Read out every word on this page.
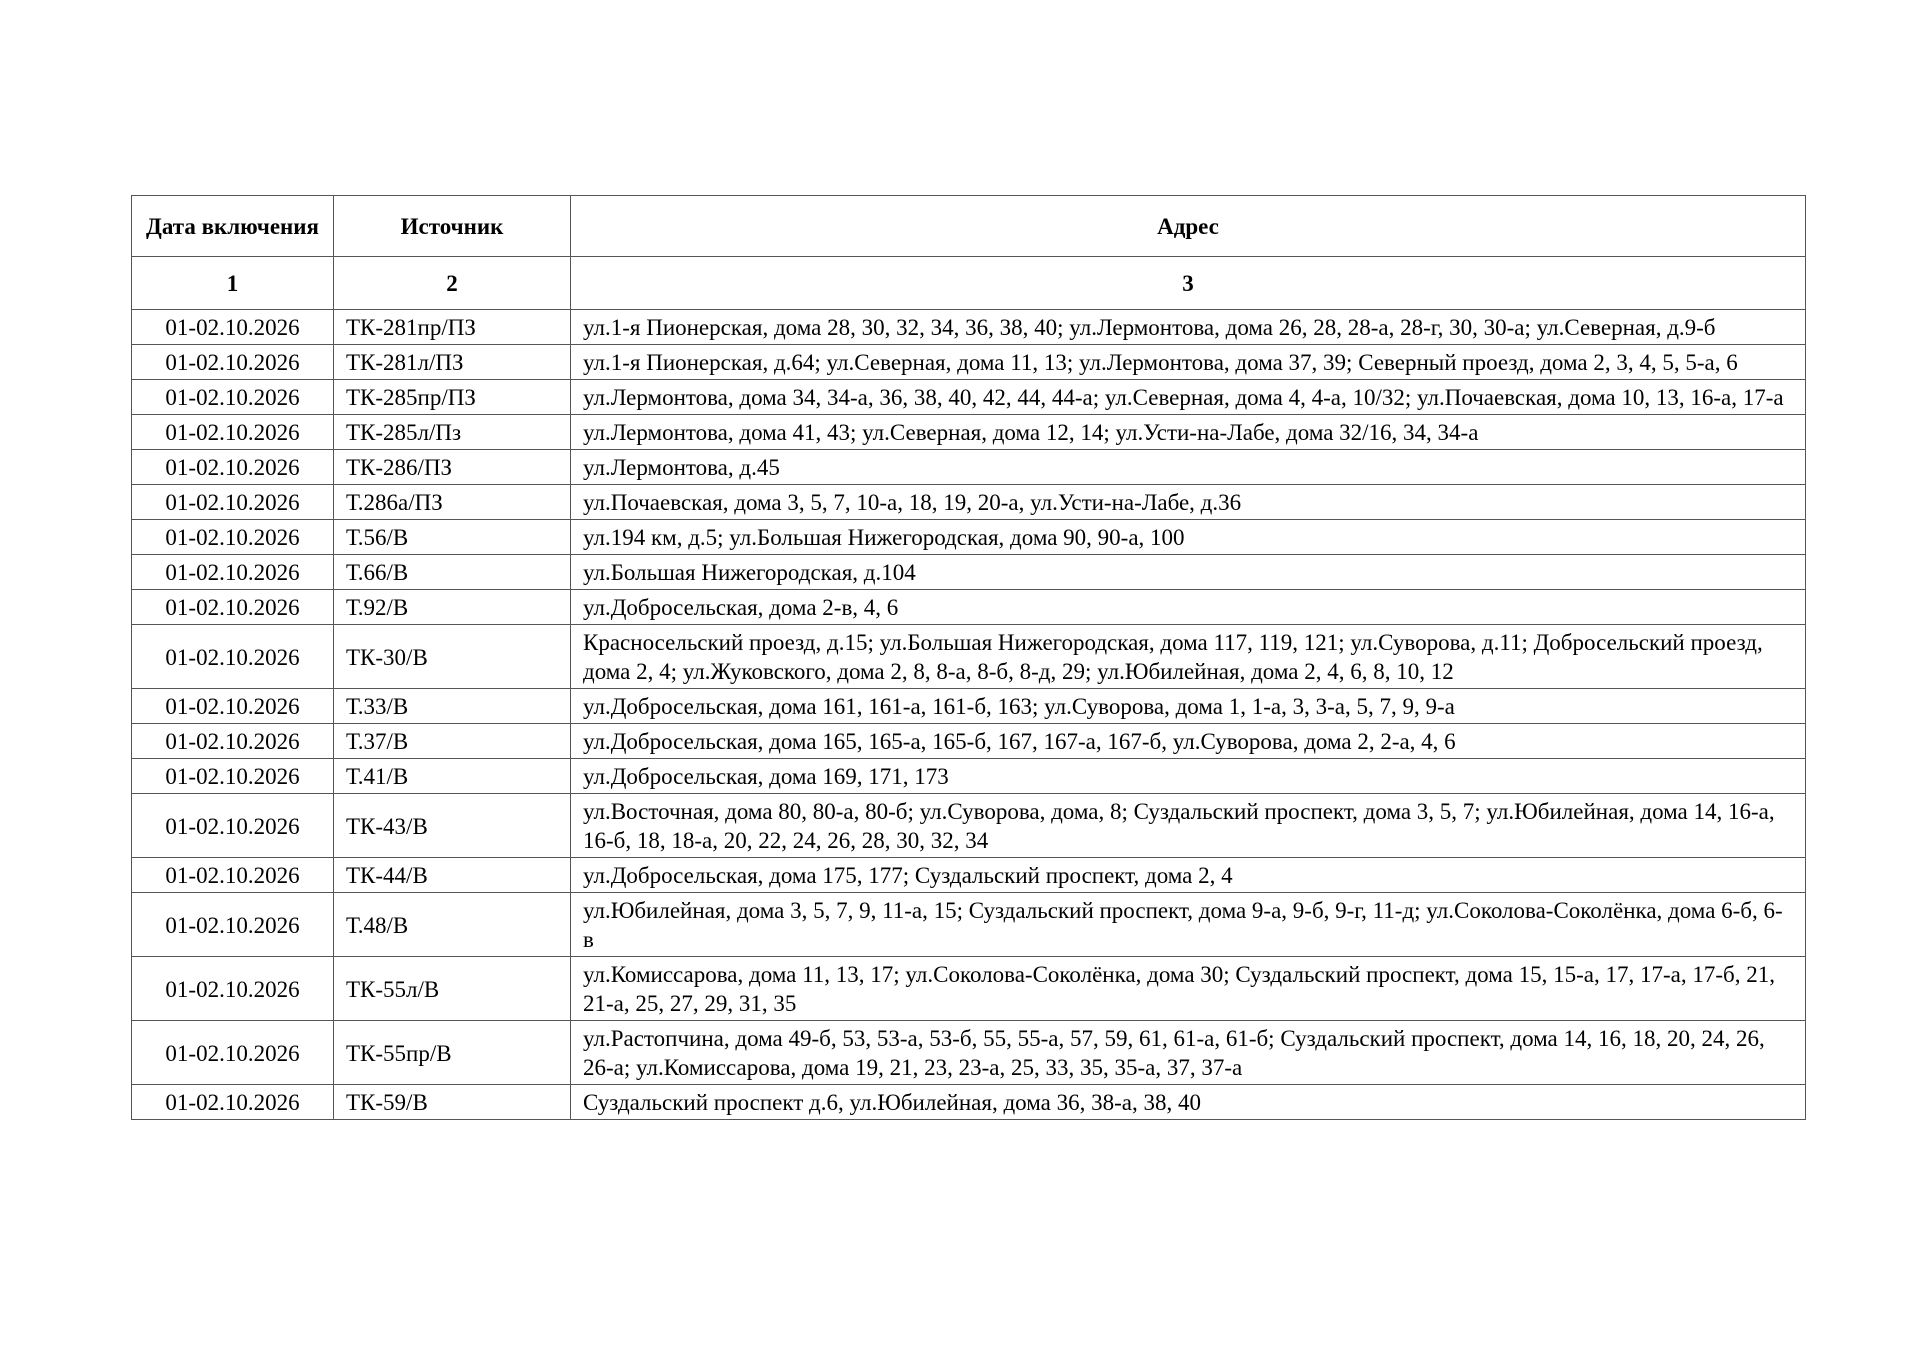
Дата включения	Источник	Адрес
1	2	3
01-02.10.2026	ТК-281пр/ПЗ	ул.1-я Пионерская, дома 28, 30, 32, 34, 36, 38, 40; ул.Лермонтова, дома 26, 28, 28-а, 28-г, 30, 30-а; ул.Северная, д.9-б
01-02.10.2026	ТК-281л/ПЗ	ул.1-я Пионерская, д.64; ул.Северная, дома 11, 13; ул.Лермонтова, дома 37, 39; Северный проезд, дома 2, 3, 4, 5, 5-а, 6
01-02.10.2026	ТК-285пр/ПЗ	ул.Лермонтова, дома 34, 34-а, 36, 38, 40, 42, 44, 44-а; ул.Северная, дома 4, 4-а, 10/32; ул.Почаевская, дома 10, 13, 16-а, 17-а
01-02.10.2026	ТК-285л/Пз	ул.Лермонтова, дома 41, 43; ул.Северная, дома 12, 14; ул.Усти-на-Лабе, дома 32/16, 34, 34-а
01-02.10.2026	ТК-286/ПЗ	ул.Лермонтова, д.45
01-02.10.2026	Т.286а/ПЗ	ул.Почаевская, дома 3, 5, 7, 10-а, 18, 19, 20-а, ул.Усти-на-Лабе, д.36
01-02.10.2026	Т.56/В	ул.194 км, д.5; ул.Большая Нижегородская, дома 90, 90-а, 100
01-02.10.2026	Т.66/В	ул.Большая Нижегородская, д.104
01-02.10.2026	Т.92/В	ул.Добросельская, дома 2-в, 4, 6
01-02.10.2026	ТК-30/В	Красносельский проезд, д.15; ул.Большая Нижегородская, дома 117, 119, 121; ул.Суворова, д.11; Добросельский проезд, дома 2, 4; ул.Жуковского, дома 2, 8, 8-а, 8-б, 8-д, 29; ул.Юбилейная, дома 2, 4, 6, 8, 10, 12
01-02.10.2026	Т.33/В	ул.Добросельская, дома 161, 161-а, 161-б, 163; ул.Суворова, дома 1, 1-а, 3, 3-а, 5, 7, 9, 9-а
01-02.10.2026	Т.37/В	ул.Добросельская, дома 165, 165-а, 165-б, 167, 167-а, 167-б, ул.Суворова, дома 2, 2-а, 4, 6
01-02.10.2026	Т.41/В	ул.Добросельская, дома 169, 171, 173
01-02.10.2026	ТК-43/В	ул.Восточная, дома 80, 80-а, 80-б; ул.Суворова, дома, 8; Суздальский проспект, дома 3, 5, 7; ул.Юбилейная, дома 14, 16-а, 16-б, 18, 18-а, 20, 22, 24, 26, 28, 30, 32, 34
01-02.10.2026	ТК-44/В	ул.Добросельская, дома 175, 177; Суздальский проспект, дома 2, 4
01-02.10.2026	Т.48/В	ул.Юбилейная, дома 3, 5, 7, 9, 11-а, 15; Суздальский проспект, дома 9-а, 9-б, 9-г, 11-д; ул.Соколова-Соколёнка, дома 6-б, 6-в
01-02.10.2026	ТК-55л/В	ул.Комиссарова, дома 11, 13, 17; ул.Соколова-Соколёнка, дома 30; Суздальский проспект, дома 15, 15-а, 17, 17-а, 17-б, 21, 21-а, 25, 27, 29, 31, 35
01-02.10.2026	ТК-55пр/В	ул.Растопчина, дома 49-б, 53, 53-а, 53-б, 55, 55-а, 57, 59, 61, 61-а, 61-б; Суздальский проспект, дома 14, 16, 18, 20, 24, 26, 26-а; ул.Комиссарова, дома 19, 21, 23, 23-а, 25, 33, 35, 35-а, 37, 37-а
01-02.10.2026	ТК-59/В	Суздальский проспект д.6, ул.Юбилейная, дома 36, 38-а, 38, 40
